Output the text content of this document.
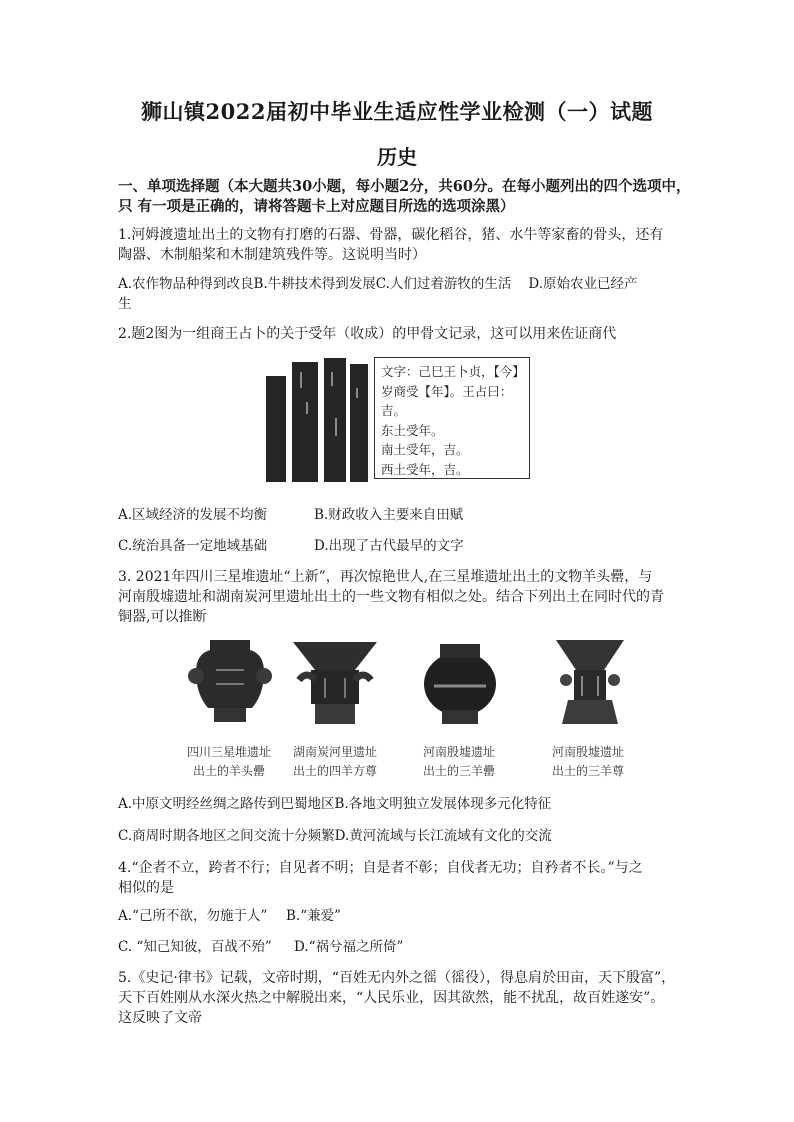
狮山镇2022届初中毕业生适应性学业检测（一）试题
历史
一、单项选择题（本大题共30小题，每小题2分，共60分。在每小题列出的四个选项中，
只 有一项是正确的，请将答题卡上对应题目所选的选项涂黑）
1.河姆渡遗址出土的文物有打磨的石器、骨器，碳化稻谷，猪、水牛等家畜的骨头，还有
陶器、木制船桨和木制建筑残件等。这说明当时）
A.农作物品种得到改良B.牛耕技术得到发展C.人们过着游牧的生活 D.原始农业已经产
生
2.题2图为一组商王占卜的关于受年（收成）的甲骨文记录，这可以用来佐证商代
文字：己巳王卜贞，【今】
岁商受【年】。王占曰：
吉。
东土受年。
南土受年，吉。
西土受年，吉。
A.区域经济的发展不均衡	B.财政收入主要来自田赋
C.统治具备一定地域基础	D.出现了古代最早的文字
3. 2021年四川三星堆遗址“上新”，再次惊艳世人,在三星堆遗址出土的文物羊头罍，与
河南殷墟遗址和湖南炭河里遗址出土的一些文物有相似之处。结合下列出土在同时代的青
铜器,可以推断
四川三星堆遗址
出土的羊头罍
湖南炭河里遗址
出土的四羊方尊
河南殷墟遗址
出土的三羊罍
河南殷墟遗址
出土的三羊尊
A.中原文明经丝绸之路传到巴蜀地区B.各地文明独立发展体现多元化特征
C.商周时期各地区之间交流十分频繁D.黄河流域与长江流域有文化的交流
4.“企者不立，跨者不行；自见者不明；自是者不彰；自伐者无功；自矜者不长。”与之
相似的是
A.“己所不欲，勿施于人” B.“兼爱”
C. “知己知彼，百战不殆” D.“祸兮福之所倚”
5.《史记·律书》记载，文帝时期，“百姓无内外之徭（徭役），得息肩於田亩，天下殷富”，
天下百姓刚从水深火热之中解脱出来，“人民乐业，因其欲然，能不扰乱，故百姓遂安”。
这反映了文帝
